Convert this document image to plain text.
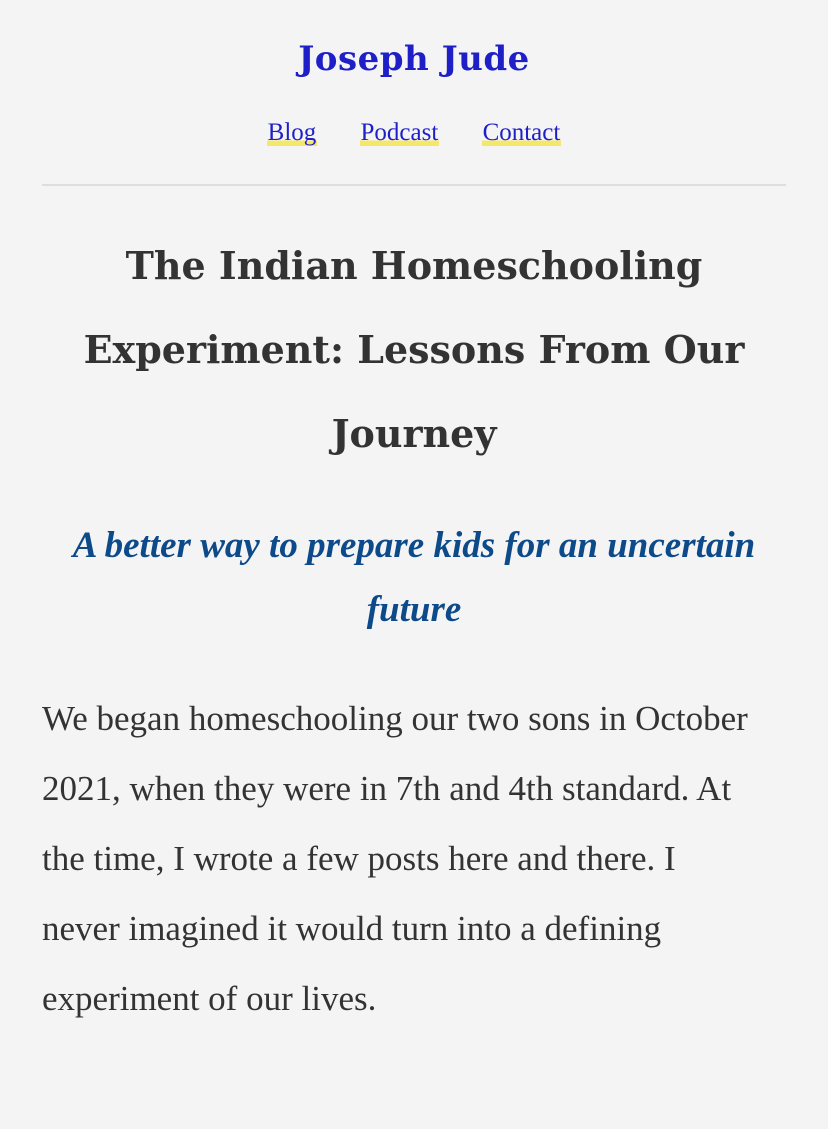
Joseph Jude
Blog Podcast Contact
The Indian Homeschooling Experiment: Lessons From Our Journey
A better way to prepare kids for an uncertain future

We began homeschooling our two sons in October 2021, when they were in 7th and 4th standard. At the time, I wrote a few posts here and there. I never imagined it would turn into a defining experiment of our lives.
